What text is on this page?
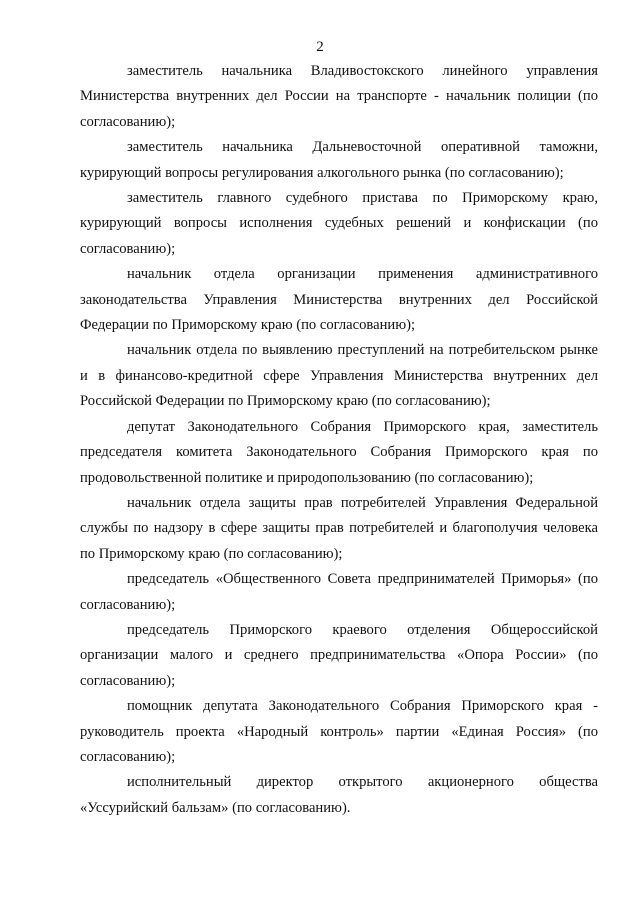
2

заместитель начальника Владивостокского линейного управления Министерства внутренних дел России на транспорте - начальник полиции (по согласованию);

заместитель начальника Дальневосточной оперативной таможни, курирующий вопросы регулирования алкогольного рынка (по согласованию);

заместитель главного судебного пристава по Приморскому краю, курирующий вопросы исполнения судебных решений и конфискации (по согласованию);

начальник отдела организации применения административного законодательства Управления Министерства внутренних дел Российской Федерации по Приморскому краю (по согласованию);

начальник отдела по выявлению преступлений на потребительском рынке и в финансово-кредитной сфере Управления Министерства внутренних дел Российской Федерации по Приморскому краю (по согласованию);

депутат Законодательного Собрания Приморского края, заместитель председателя комитета Законодательного Собрания Приморского края по продовольственной политике и природопользованию (по согласованию);

начальник отдела защиты прав потребителей Управления Федеральной службы по надзору в сфере защиты прав потребителей и благополучия человека по Приморскому краю (по согласованию);

председатель «Общественного Совета предпринимателей Приморья» (по согласованию);

председатель Приморского краевого отделения Общероссийской организации малого и среднего предпринимательства «Опора России» (по согласованию);

помощник депутата Законодательного Собрания Приморского края - руководитель проекта «Народный контроль» партии «Единая Россия» (по согласованию);

исполнительный директор открытого акционерного общества «Уссурийский бальзам» (по согласованию).
